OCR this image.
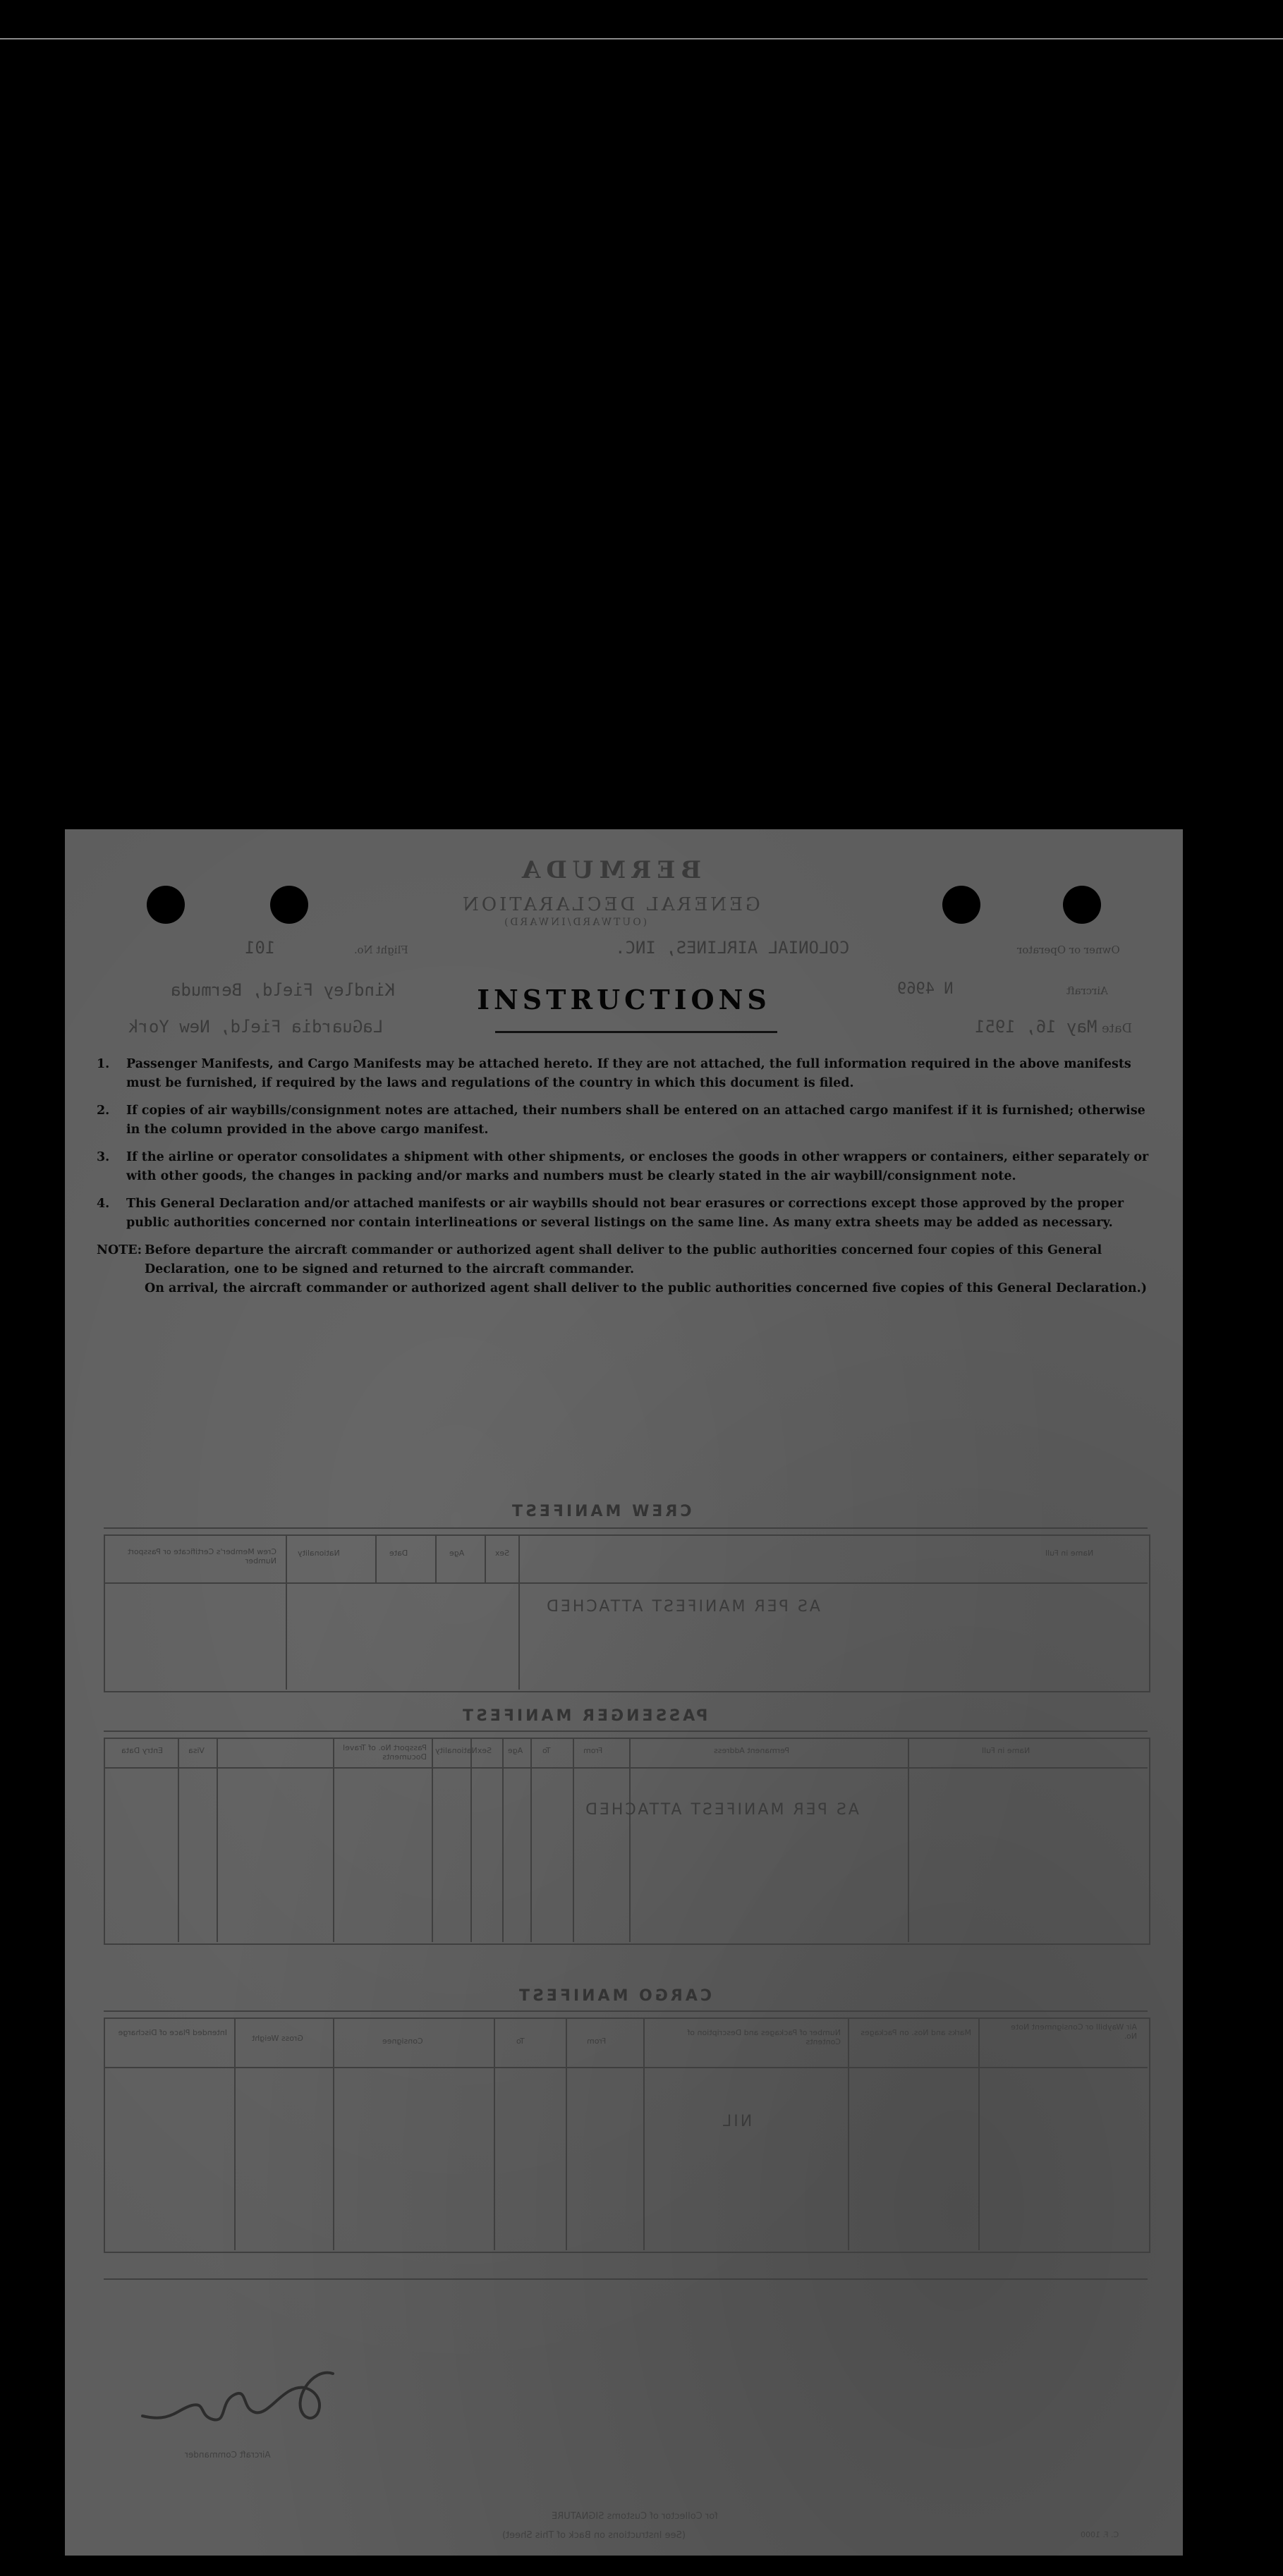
BERMUDA
GENERAL DECLARATION
(OUTWARD/INWARD)
Owner or Operator
COLONIAL AIRLINES, INC.
Flight No.
101
Aircraft
N 4969
Kindley Field, Bermuda
Date
May 16, 1951
LaGuardia Field, New York
CREW MANIFEST
Name in Full
Crew Member's Certificate or Passport Number
Date
Nationality	Sex
Age
AS PER MANIFEST ATTACHED
PASSENGER MANIFEST
Name in Full
Permanent Address
From
To
Age
Sex
Nationality
Passport No. of Travel Documents
Visa
Entry Data
AS PER MANIFEST ATTACHED
CARGO MANIFEST
Air Waybill or Consignment Note No.
Marks and Nos. on Packages
Number of Packages and Description of Contents
From
To
Consignee
Gross Weight
Intended Place of Discharge
NIL
Aircraft Commander
for Collector of Customs SIGNATURE
(See Instructions on Back of This Sheet)	C. F. 1000
INSTRUCTIONS
1. Passenger Manifests, and Cargo Manifests may be attached hereto. If they are not attached, the full information required in the above manifests must be furnished, if required by the laws and regulations of the country in which this document is filed.
2. If copies of air waybills/consignment notes are attached, their numbers shall be entered on an attached cargo manifest if it is furnished; otherwise in the column provided in the above cargo manifest.
3. If the airline or operator consolidates a shipment with other shipments, or encloses the goods in other wrappers or containers, either separately or with other goods, the changes in packing and/or marks and numbers must be clearly stated in the air waybill/consignment note.
4. This General Declaration and/or attached manifests or air waybills should not bear erasures or corrections except those approved by the proper public authorities concerned nor contain interlineations or several listings on the same line. As many extra sheets may be added as necessary.
NOTE: Before departure the aircraft commander or authorized agent shall deliver to the public authorities concerned four copies of this General Declaration, one to be signed and returned to the aircraft commander.

On arrival, the aircraft commander or authorized agent shall deliver to the public authorities concerned five copies of this General Declaration.)
